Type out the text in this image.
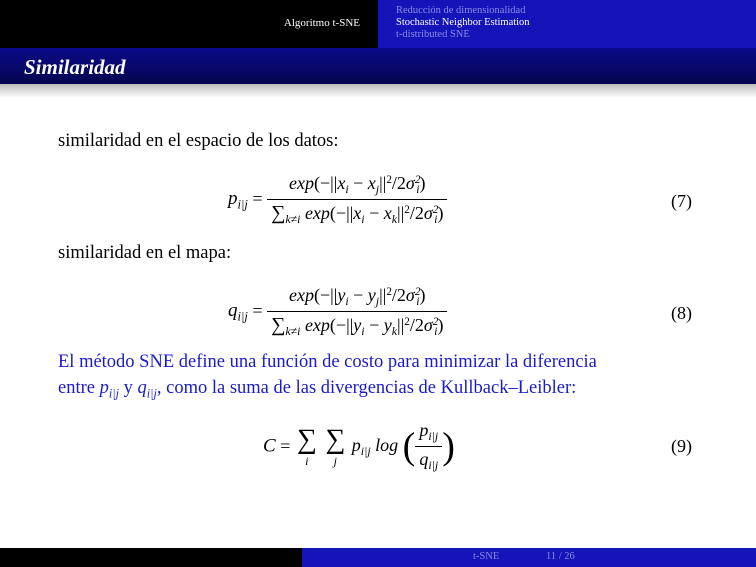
Algoritmo t-SNE
Reducción de dimensionalidad
Stochastic Neighbor Estimation
t-distributed SNE
Similaridad
similaridad en el espacio de los datos:
$p_{i|j} = \frac{\exp(-||x_i - x_j||^2/2\sigma^2_i)}{\sum_{k\ne i} \exp(-||x_i - x_k||^2/2\sigma^2_i)}$	(7)
similaridad en el mapa:
$q_{i|j} = \frac{\exp(-||y_i - y_j||^2/2\sigma^2_i)}{\sum_{k\ne i} \exp(-||y_i - y_k||^2/2\sigma^2_i)}$	(8)
El método SNE define una función de costo para minimizar la diferencia
entre $p_{i|j}$ y $q_{i|j}$, como la suma de las divergencias de Kullback–Leibler:
C = ∑
i

∑
j
$p_{i|j}$ log ( $\frac{p_{i|j}}{q_{i|j}}$ )	(9)
t-SNE	11 / 26
